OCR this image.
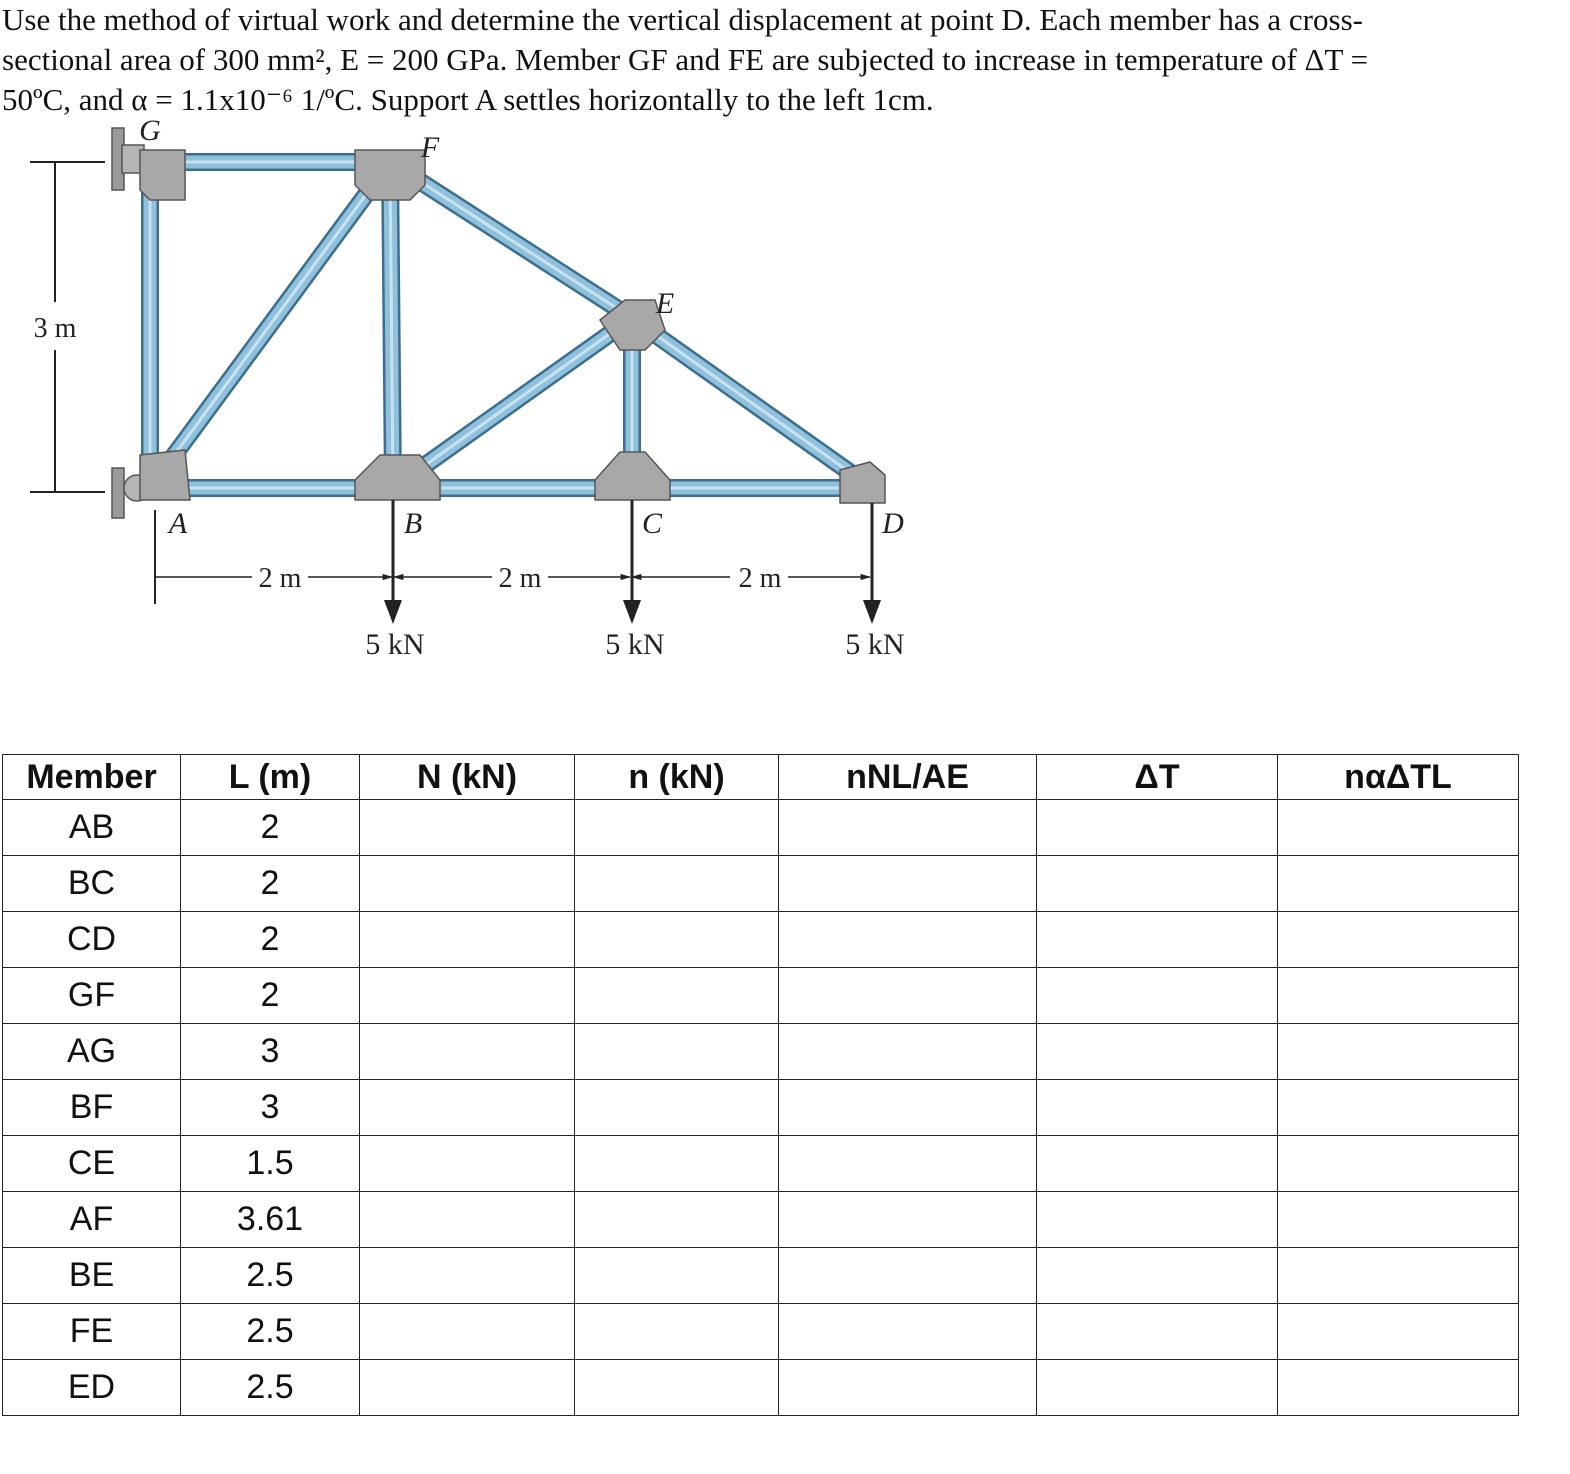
Use the method of virtual work and determine the vertical displacement at point D. Each member has a cross-

sectional area of 300 mm², E = 200 GPa. Member GF and FE are subjected to increase in temperature of ΔT =

50ºC, and α = 1.1x10⁻⁶ 1/ºC. Support A settles horizontally to the left 1cm.

3 m
G
F
E
A	B	C	D
2 m	2 m	2 m
5 kN	5 kN	5 kN
Member	L (m)	N (kN)	n (kN)	nNL/AE	ΔT	nαΔTL
AB	2					
BC	2					
CD	2					
GF	2					
AG	3					
BF	3					
CE	1.5					
AF	3.61					
BE	2.5					
FE	2.5					
ED	2.5					
